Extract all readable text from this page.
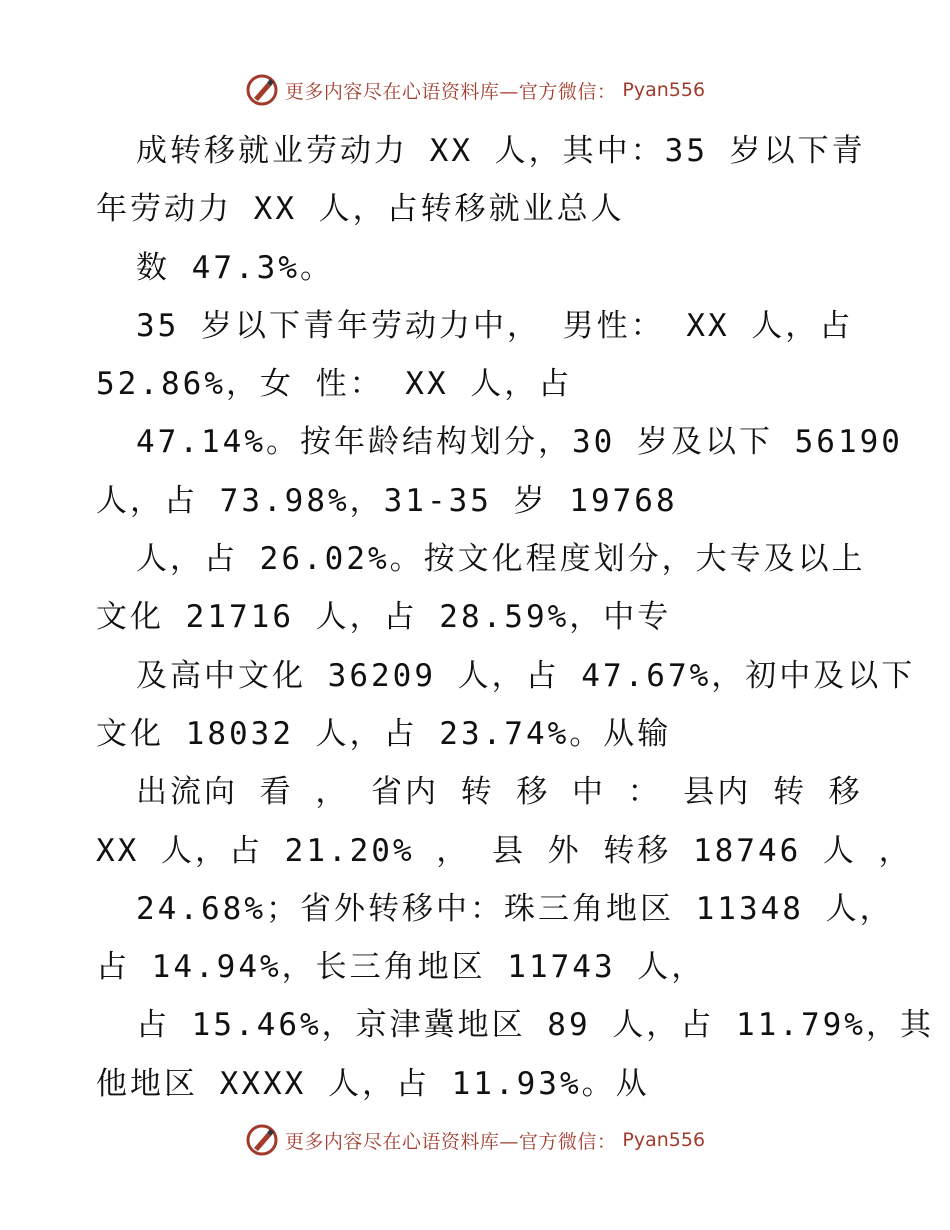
更多内容尽在心语资料库—官方微信： Pyan556
成转移就业劳动力 XX 人，其中：35 岁以下青
年劳动力 XX 人，占转移就业总人
数 47.3%。
35 岁以下青年劳动力中， 男性： XX 人，占
52.86%，女 性： XX 人，占
47.14%。按年龄结构划分，30 岁及以下 56190
人，占 73.98%，31-35 岁 19768
人，占 26.02%。按文化程度划分，大专及以上
文化 21716 人，占 28.59%，中专
及高中文化 36209 人，占 47.67%，初中及以下
文化 18032 人，占 23.74%。从输
出流向 看 ， 省内 转 移 中 ： 县内 转 移
XX 人，占 21.20% ， 县 外 转移 18746 人 ，
24.68%；省外转移中：珠三角地区 11348 人，
占 14.94%，长三角地区 11743 人，
占 15.46%，京津冀地区 89 人，占 11.79%，其
他地区 XXXX 人，占 11.93%。从
更多内容尽在心语资料库—官方微信： Pyan556
